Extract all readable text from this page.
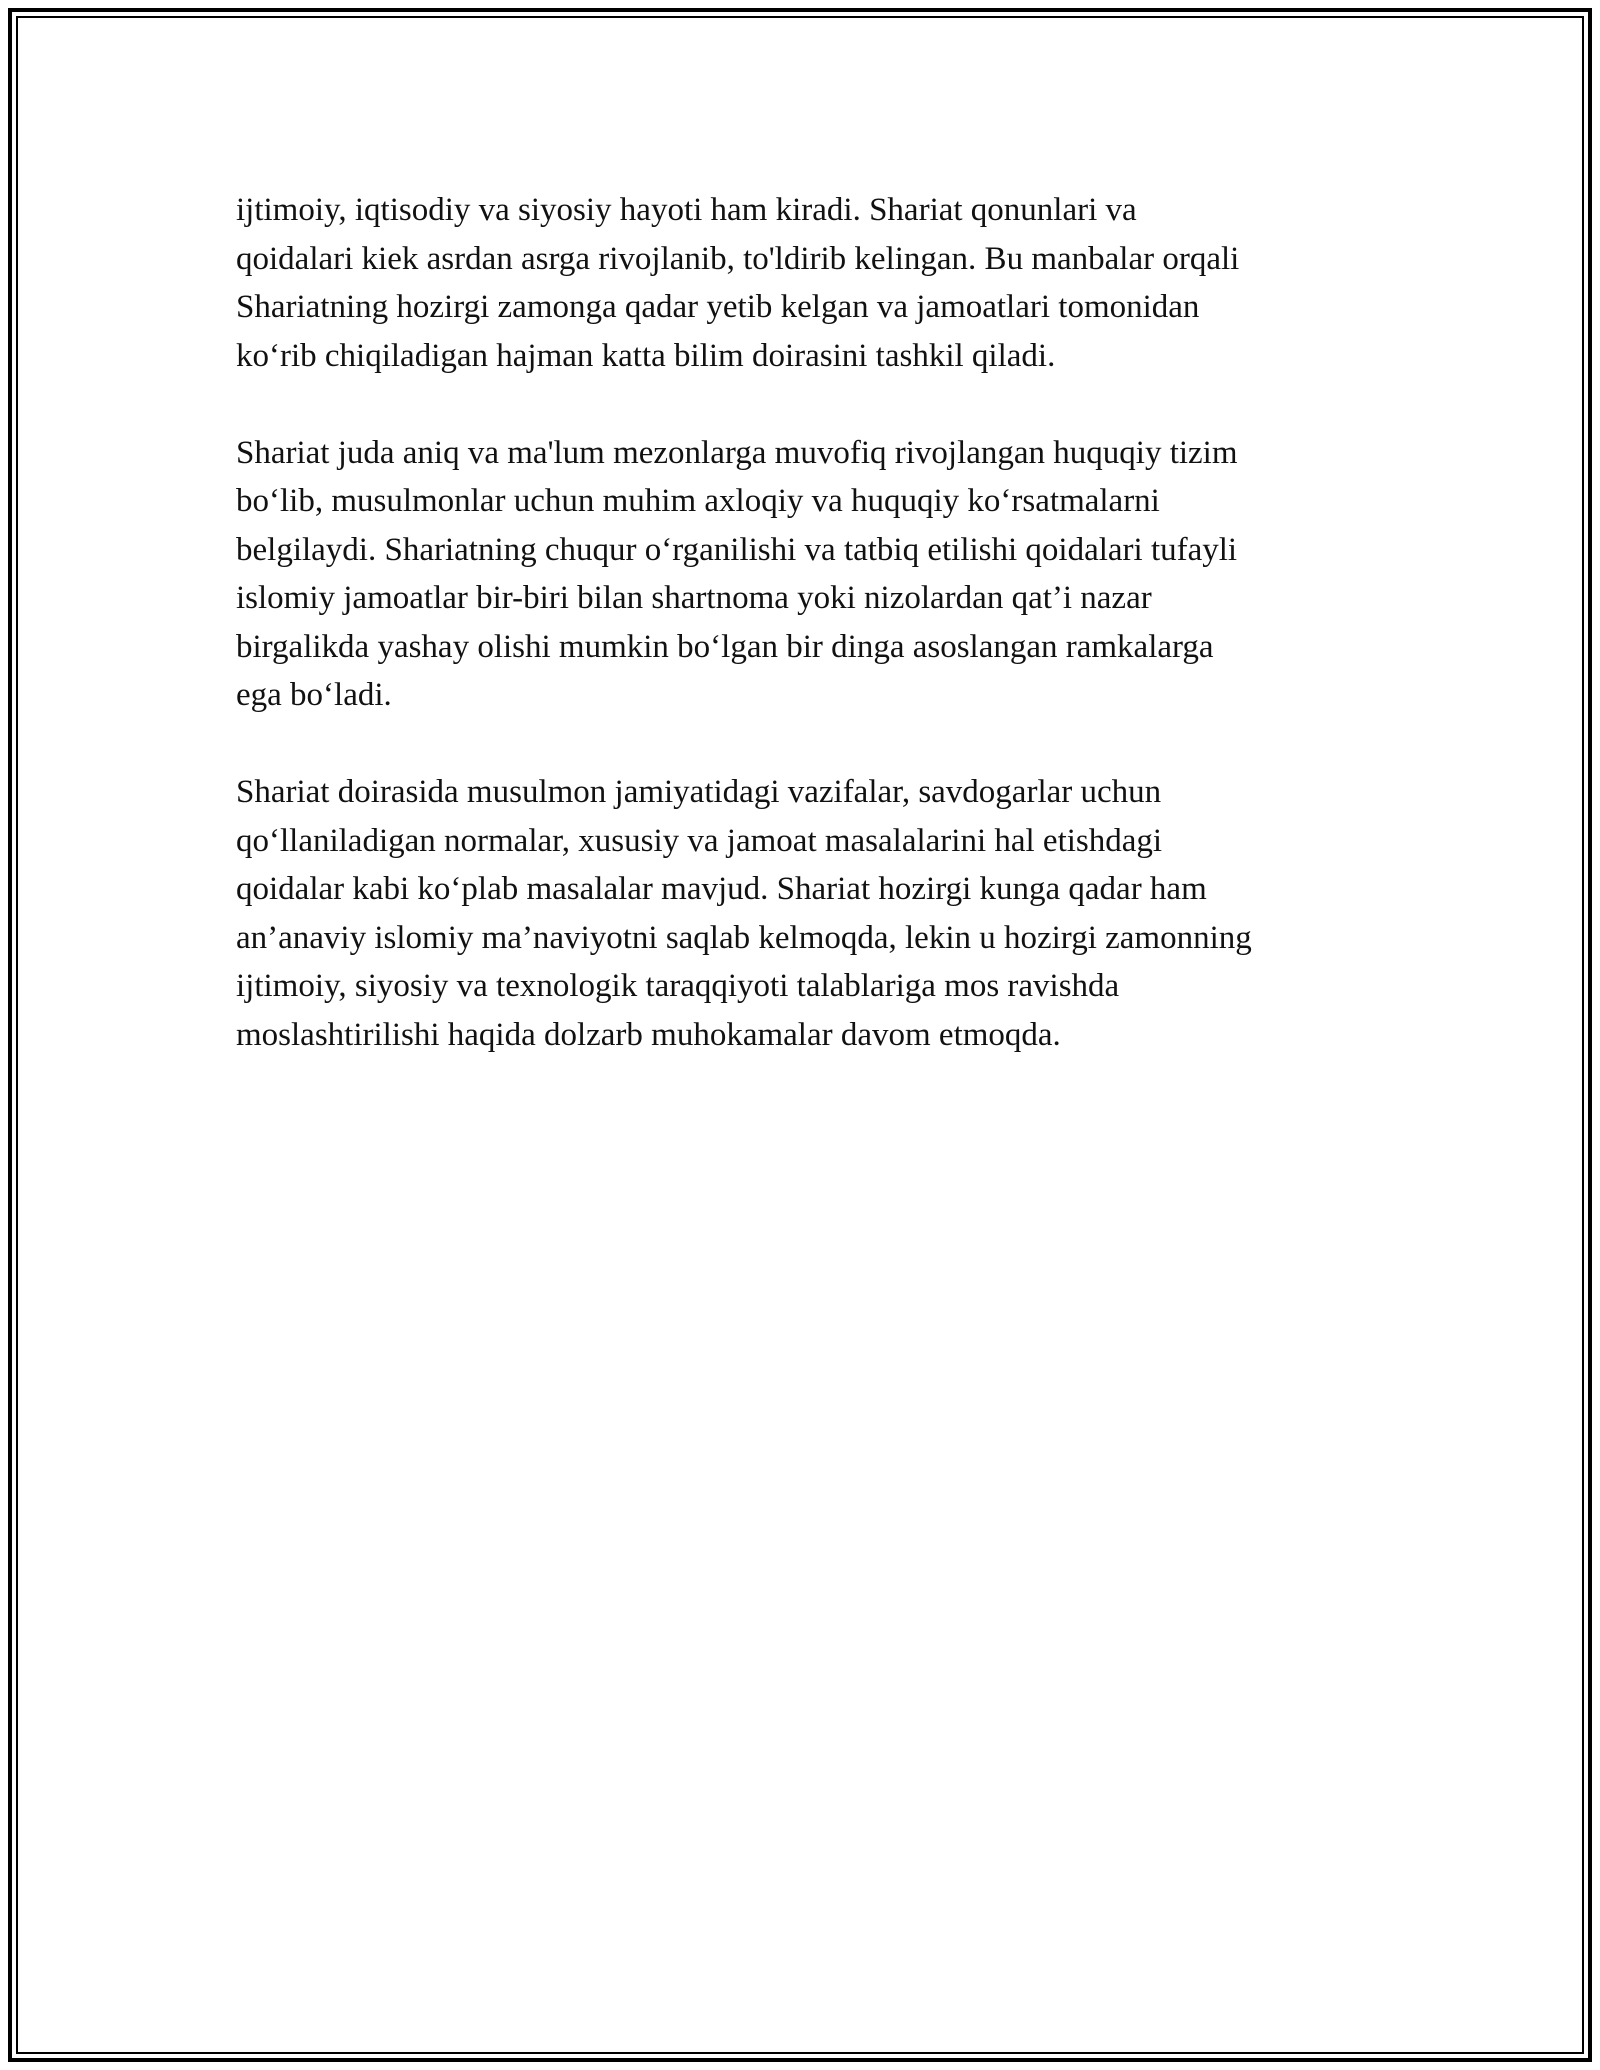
ijtimoiy, iqtisodiy va siyosiy hayoti ham kiradi. Shariat qonunlari va
qoidalari kiek asrdan asrga rivojlanib, to'ldirib kelingan. Bu manbalar orqali
Shariatning hozirgi zamonga qadar yetib kelgan va jamoatlari tomonidan
ko‘rib chiqiladigan hajman katta bilim doirasini tashkil qiladi.

Shariat juda aniq va ma'lum mezonlarga muvofiq rivojlangan huquqiy tizim
bo‘lib, musulmonlar uchun muhim axloqiy va huquqiy ko‘rsatmalarni
belgilaydi. Shariatning chuqur o‘rganilishi va tatbiq etilishi qoidalari tufayli
islomiy jamoatlar bir-biri bilan shartnoma yoki nizolardan qat’i nazar
birgalikda yashay olishi mumkin bo‘lgan bir dinga asoslangan ramkalarga
ega bo‘ladi.

Shariat doirasida musulmon jamiyatidagi vazifalar, savdogarlar uchun
qo‘llaniladigan normalar, xususiy va jamoat masalalarini hal etishdagi
qoidalar kabi ko‘plab masalalar mavjud. Shariat hozirgi kunga qadar ham
an’anaviy islomiy ma’naviyotni saqlab kelmoqda, lekin u hozirgi zamonning
ijtimoiy, siyosiy va texnologik taraqqiyoti talablariga mos ravishda
moslashtirilishi haqida dolzarb muhokamalar davom etmoqda.
